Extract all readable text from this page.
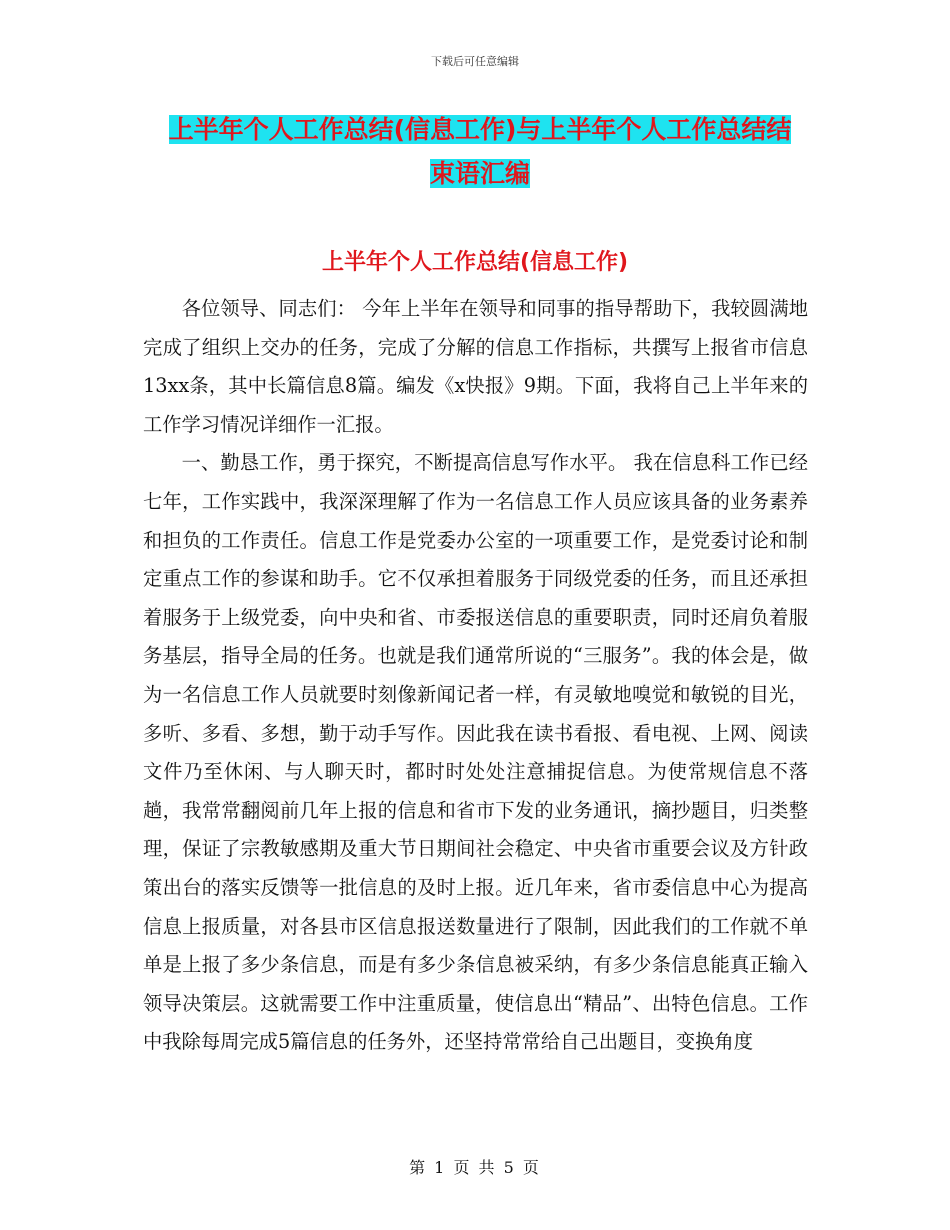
下载后可任意编辑
上半年个人工作总结(信息工作)与上半年个人工作总结结束语汇编
上半年个人工作总结(信息工作)

各位领导、同志们： 今年上半年在领导和同事的指导帮助下，我较圆满地完成了组织上交办的任务，完成了分解的信息工作指标，共撰写上报省市信息13xx条，其中长篇信息8篇。编发《x快报》9期。下面，我将自己上半年来的工作学习情况详细作一汇报。

一、勤恳工作，勇于探究，不断提高信息写作水平。 我在信息科工作已经七年，工作实践中，我深深理解了作为一名信息工作人员应该具备的业务素养和担负的工作责任。信息工作是党委办公室的一项重要工作，是党委讨论和制定重点工作的参谋和助手。它不仅承担着服务于同级党委的任务，而且还承担着服务于上级党委，向中央和省、市委报送信息的重要职责，同时还肩负着服务基层，指导全局的任务。也就是我们通常所说的“三服务”。我的体会是，做为一名信息工作人员就要时刻像新闻记者一样，有灵敏地嗅觉和敏锐的目光，多听、多看、多想，勤于动手写作。因此我在读书看报、看电视、上网、阅读文件乃至休闲、与人聊天时，都时时处处注意捕捉信息。为使常规信息不落趟，我常常翻阅前几年上报的信息和省市下发的业务通讯，摘抄题目，归类整理，保证了宗教敏感期及重大节日期间社会稳定、中央省市重要会议及方针政策出台的落实反馈等一批信息的及时上报。近几年来，省市委信息中心为提高信息上报质量，对各县市区信息报送数量进行了限制，因此我们的工作就不单单是上报了多少条信息，而是有多少条信息被采纳，有多少条信息能真正输入领导决策层。这就需要工作中注重质量，使信息出“精品”、出特色信息。工作中我除每周完成5篇信息的任务外，还坚持常常给自己出题目，变换角度

第 1 页 共 5 页
